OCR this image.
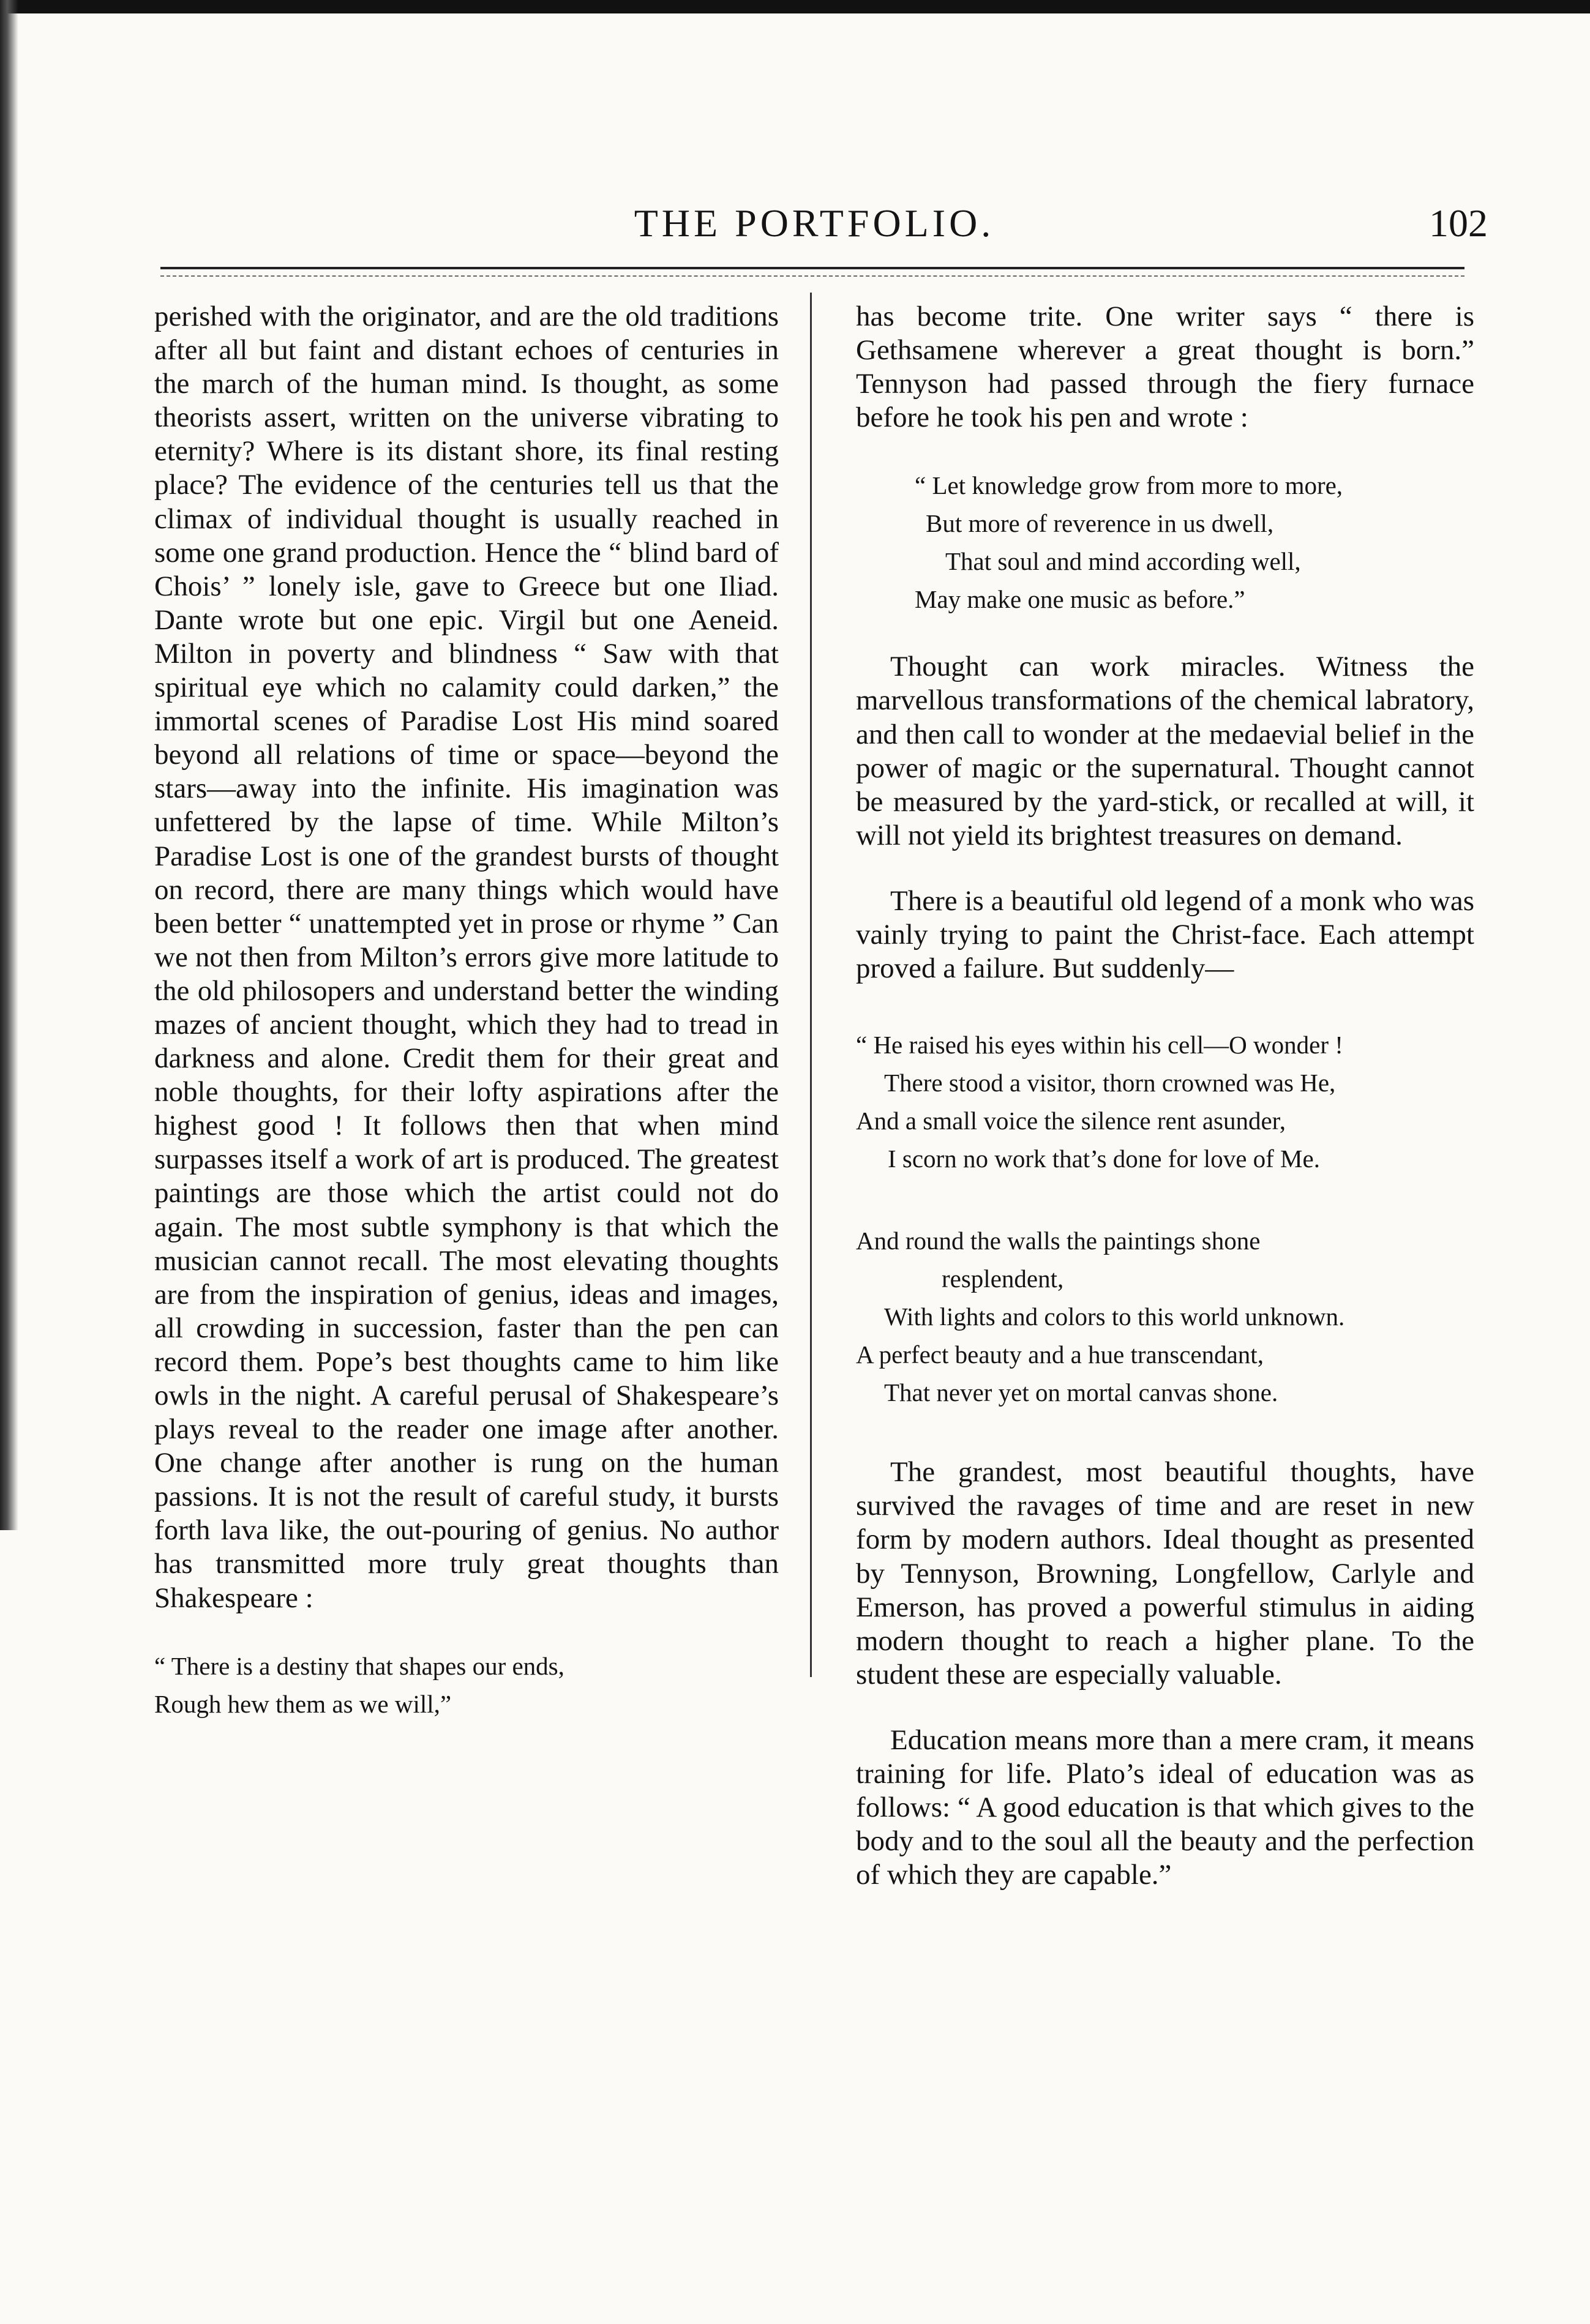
THE PORTFOLIO.	102

perished with the originator, and are the old traditions after all but faint and distant echoes of centuries in the march of the human mind. Is thought, as some theorists assert, written on the universe vibrating to eternity? Where is its distant shore, its final resting place? The evidence of the centuries tell us that the climax of individual thought is usually reached in some one grand production. Hence the “ blind bard of Chois’ ” lonely isle, gave to Greece but one Iliad. Dante wrote but one epic. Virgil but one Aeneid. Milton in poverty and blindness “ Saw with that spiritual eye which no calamity could darken,” the immortal scenes of Paradise Lost His mind soared beyond all relations of time or space—beyond the stars—away into the infinite. His imagination was unfettered by the lapse of time. While Milton’s Paradise Lost is one of the grandest bursts of thought on record, there are many things which would have been better “ unattempted yet in prose or rhyme ” Can we not then from Milton’s errors give more latitude to the old philosopers and understand better the winding mazes of ancient thought, which they had to tread in darkness and alone. Credit them for their great and noble thoughts, for their lofty aspirations after the highest good ! It follows then that when mind surpasses itself a work of art is produced. The greatest paintings are those which the artist could not do again. The most subtle symphony is that which the musician cannot recall. The most elevating thoughts are from the inspiration of genius, ideas and images, all crowding in succession, faster than the pen can record them. Pope’s best thoughts came to him like owls in the night. A careful perusal of Shakespeare’s plays reveal to the reader one image after another. One change after another is rung on the human passions. It is not the result of careful study, it bursts forth lava like, the out-pouring of genius. No author has transmitted more truly great thoughts than Shakespeare :

“ There is a destiny that shapes our ends,
Rough hew them as we will,”

has become trite. One writer says “ there is Gethsamene wherever a great thought is born.” Tennyson had passed through the fiery furnace before he took his pen and wrote :

“ Let knowledge grow from more to more,
But more of reverence in us dwell,
That soul and mind according well,
May make one music as before.”

Thought can work miracles. Witness the marvellous transformations of the chemical labratory, and then call to wonder at the medaevial belief in the power of magic or the supernatural. Thought cannot be measured by the yard-stick, or recalled at will, it will not yield its brightest treasures on demand.

There is a beautiful old legend of a monk who was vainly trying to paint the Christ-face. Each attempt proved a failure. But suddenly—

“ He raised his eyes within his cell—O wonder !
There stood a visitor, thorn crowned was He,
And a small voice the silence rent asunder,
I scorn no work that’s done for love of Me.
And round the walls the paintings shone
resplendent,
With lights and colors to this world unknown.
A perfect beauty and a hue transcendant,
That never yet on mortal canvas shone.

The grandest, most beautiful thoughts, have survived the ravages of time and are reset in new form by modern authors. Ideal thought as presented by Tennyson, Browning, Longfellow, Carlyle and Emerson, has proved a powerful stimulus in aiding modern thought to reach a higher plane. To the student these are especially valuable.

Education means more than a mere cram, it means training for life. Plato’s ideal of education was as follows: “ A good education is that which gives to the body and to the soul all the beauty and the perfection of which they are capable.”
